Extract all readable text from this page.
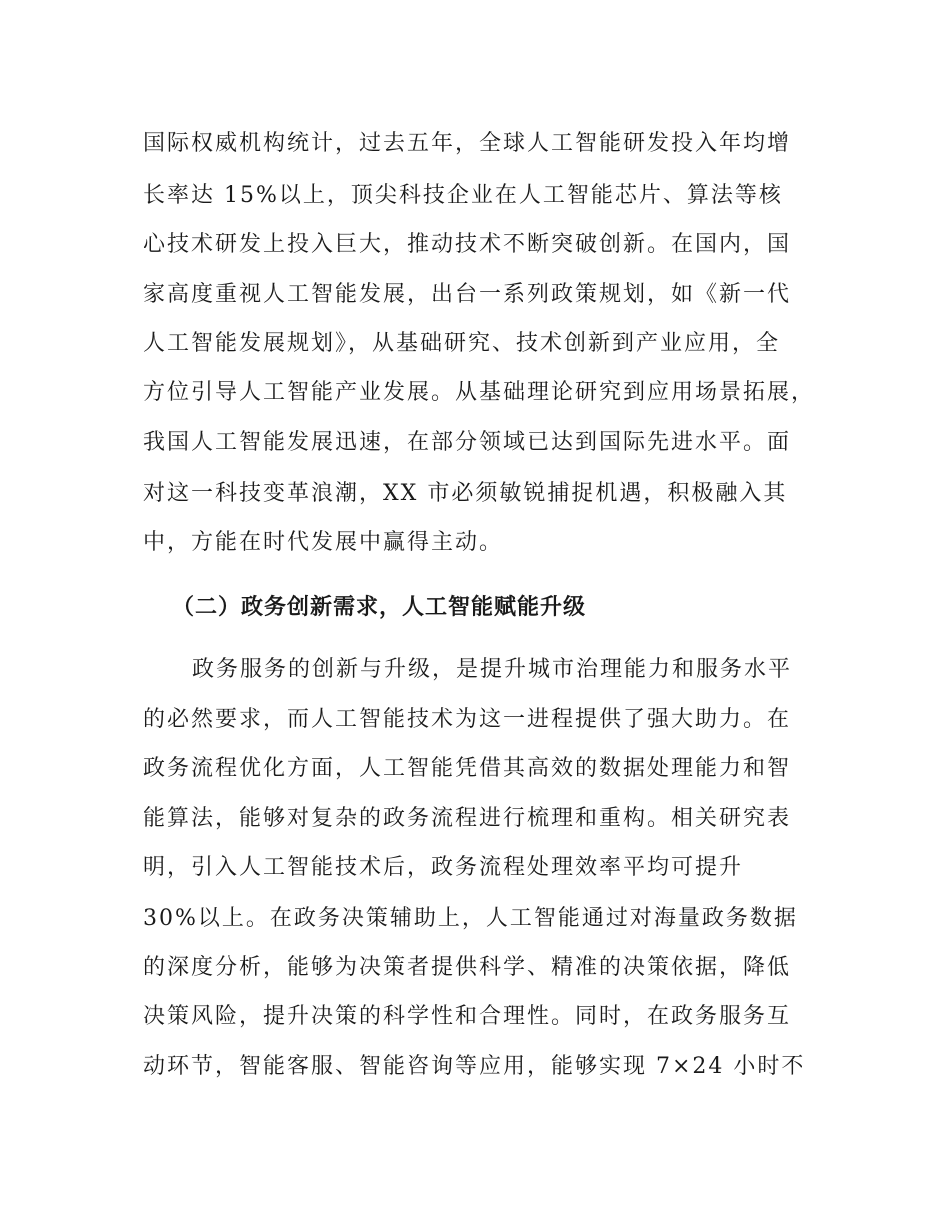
国际权威机构统计，过去五年，全球人工智能研发投入年均增
长率达 15%以上，顶尖科技企业在人工智能芯片、算法等核
心技术研发上投入巨大，推动技术不断突破创新。在国内，国
家高度重视人工智能发展，出台一系列政策规划，如《新一代
人工智能发展规划》，从基础研究、技术创新到产业应用，全
方位引导人工智能产业发展。从基础理论研究到应用场景拓展，
我国人工智能发展迅速，在部分领域已达到国际先进水平。面
对这一科技变革浪潮，XX 市必须敏锐捕捉机遇，积极融入其
中，方能在时代发展中赢得主动。
（二）政务创新需求，人工智能赋能升级
政务服务的创新与升级，是提升城市治理能力和服务水平
的必然要求，而人工智能技术为这一进程提供了强大助力。在
政务流程优化方面，人工智能凭借其高效的数据处理能力和智
能算法，能够对复杂的政务流程进行梳理和重构。相关研究表
明，引入人工智能技术后，政务流程处理效率平均可提升
30%以上。在政务决策辅助上，人工智能通过对海量政务数据
的深度分析，能够为决策者提供科学、精准的决策依据，降低
决策风险，提升决策的科学性和合理性。同时，在政务服务互
动环节，智能客服、智能咨询等应用，能够实现 7×24 小时不
